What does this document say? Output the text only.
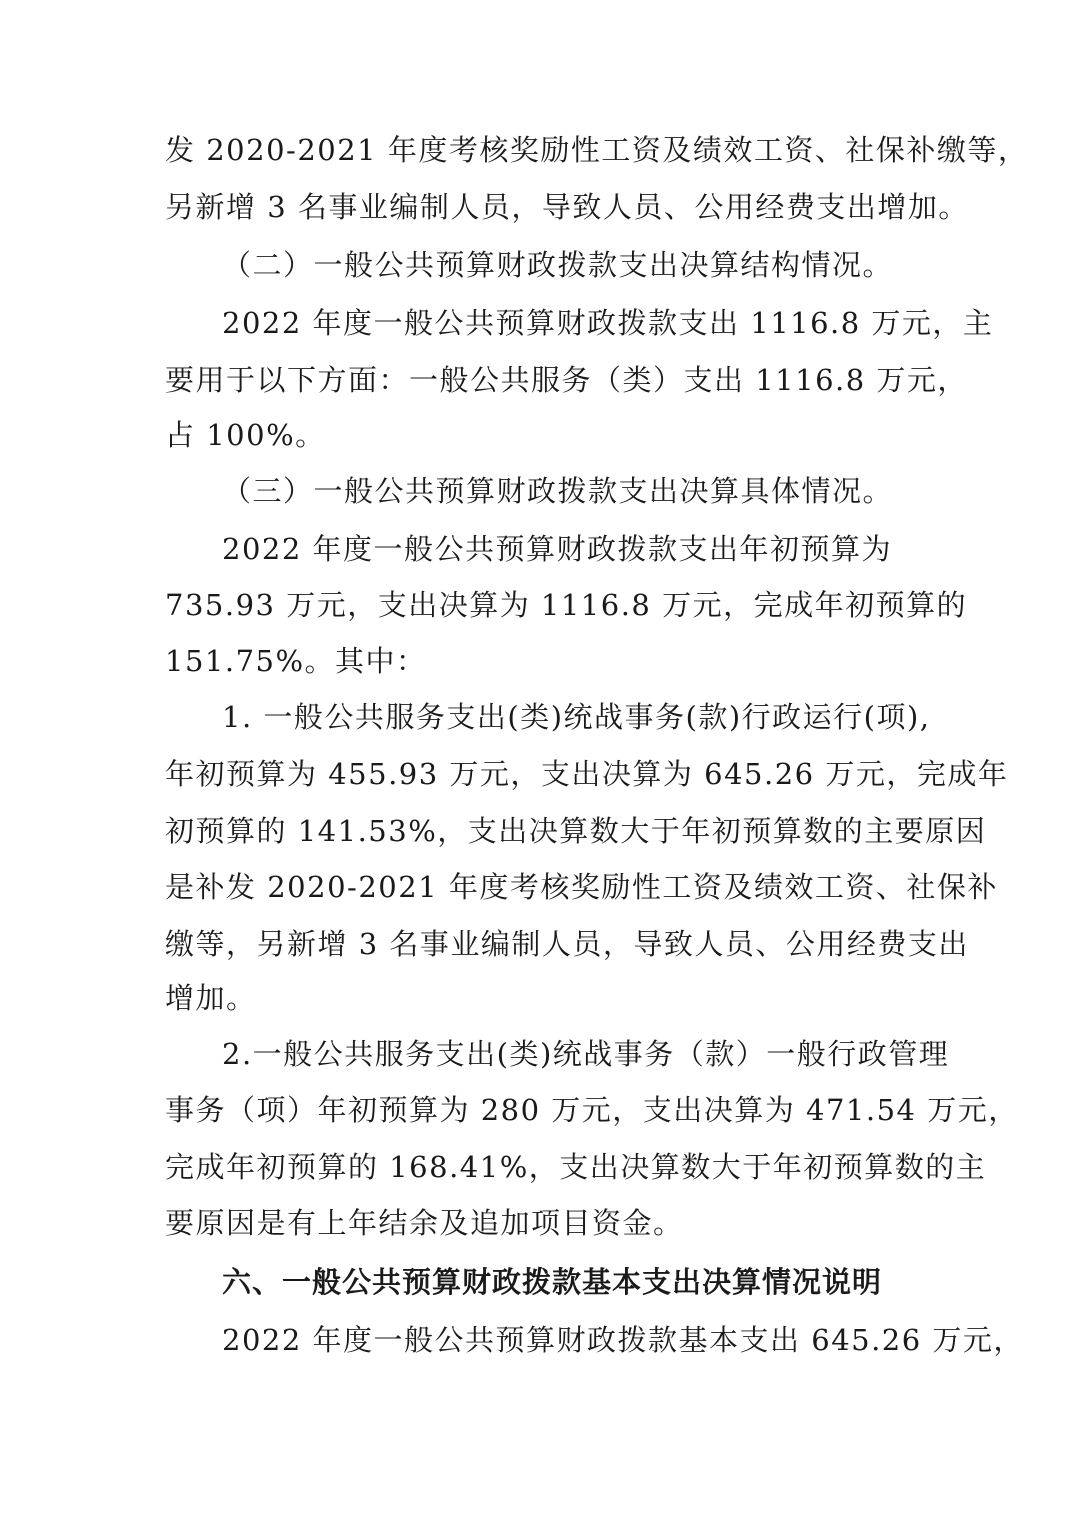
发 2020-2021 年度考核奖励性工资及绩效工资、社保补缴等，
另新增 3 名事业编制人员，导致人员、公用经费支出增加。
（二）一般公共预算财政拨款支出决算结构情况。
2022 年度一般公共预算财政拨款支出 1116.8 万元，主
要用于以下方面：一般公共服务（类）支出 1116.8 万元，
占 100%。
（三）一般公共预算财政拨款支出决算具体情况。
2022 年度一般公共预算财政拨款支出年初预算为
735.93 万元，支出决算为 1116.8 万元，完成年初预算的
151.75%。其中：
1. 一般公共服务支出(类)统战事务(款)行政运行(项),
年初预算为 455.93 万元，支出决算为 645.26 万元，完成年
初预算的 141.53%，支出决算数大于年初预算数的主要原因
是补发 2020-2021 年度考核奖励性工资及绩效工资、社保补
缴等，另新增 3 名事业编制人员，导致人员、公用经费支出
增加。
2.一般公共服务支出(类)统战事务（款）一般行政管理
事务（项）年初预算为 280 万元，支出决算为 471.54 万元，
完成年初预算的 168.41%，支出决算数大于年初预算数的主
要原因是有上年结余及追加项目资金。
六、一般公共预算财政拨款基本支出决算情况说明
2022 年度一般公共预算财政拨款基本支出 645.26 万元，
